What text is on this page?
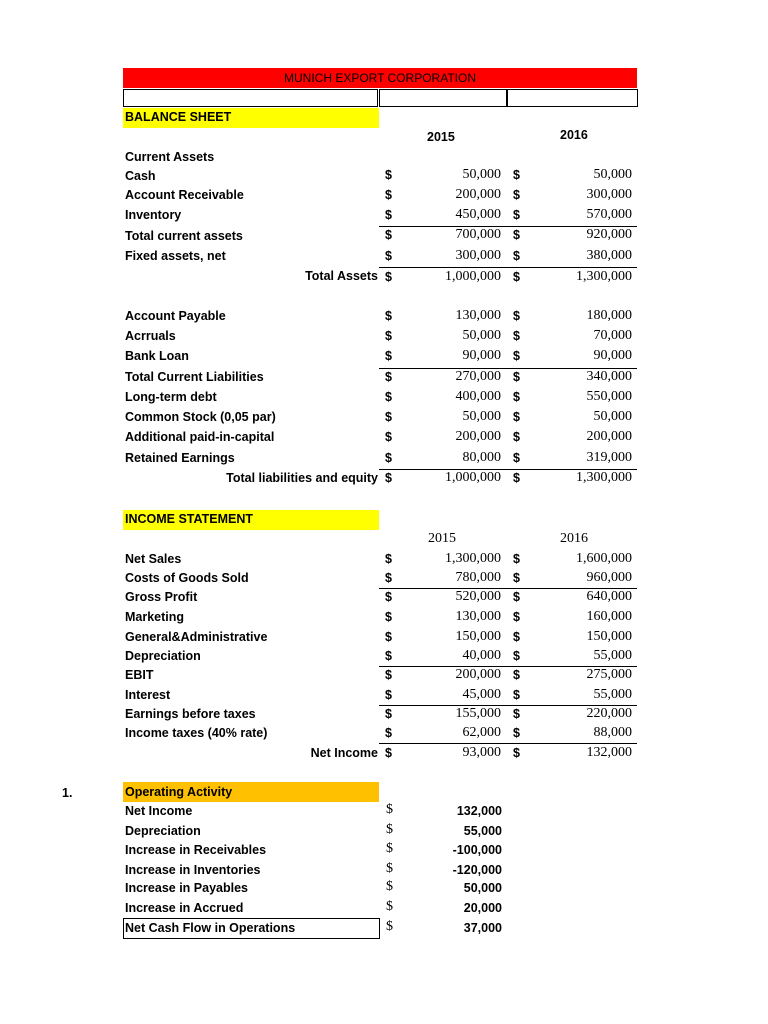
MUNICH EXPORT CORPORATION
BALANCE SHEET
2015	2016
Current Assets
Cash	$	50,000 $	50,000
Account Receivable	$	200,000 $	300,000
Inventory	$	450,000 $	570,000
Total current assets	$	700,000 $	920,000
Fixed assets, net	$	300,000 $	380,000
Total Assets $	1,000,000 $	1,300,000
Account Payable	$	130,000 $	180,000
Acrruals	$	50,000 $	70,000
Bank Loan	$	90,000 $	90,000
Total Current Liabilities	$	270,000 $	340,000
Long-term debt	$	400,000 $	550,000
Common Stock (0,05 par)	$	50,000 $	50,000
Additional paid-in-capital	$	200,000 $	200,000
Retained Earnings	$	80,000 $	319,000
Total liabilities and equity $	1,000,000 $	1,300,000
INCOME STATEMENT
2015	2016
Net Sales	$	1,300,000 $	1,600,000
Costs of Goods Sold	$	780,000 $	960,000
Gross Profit	$	520,000 $	640,000
Marketing	$	130,000 $	160,000
General&Administrative	$	150,000 $	150,000
Depreciation	$	40,000 $	55,000
EBIT	$	200,000 $	275,000
Interest	$	45,000 $	55,000
Earnings before taxes	$	155,000 $	220,000
Income taxes (40% rate)	$	62,000 $	88,000
Net Income $	93,000 $	132,000
1.	Operating Activity
Net Income	$	132,000
Depreciation	$	55,000
Increase in Receivables	$	-100,000
Increase in Inventories	$	-120,000
Increase in Payables	$	50,000
Increase in Accrued	$	20,000
Net Cash Flow in Operations	$	37,000
